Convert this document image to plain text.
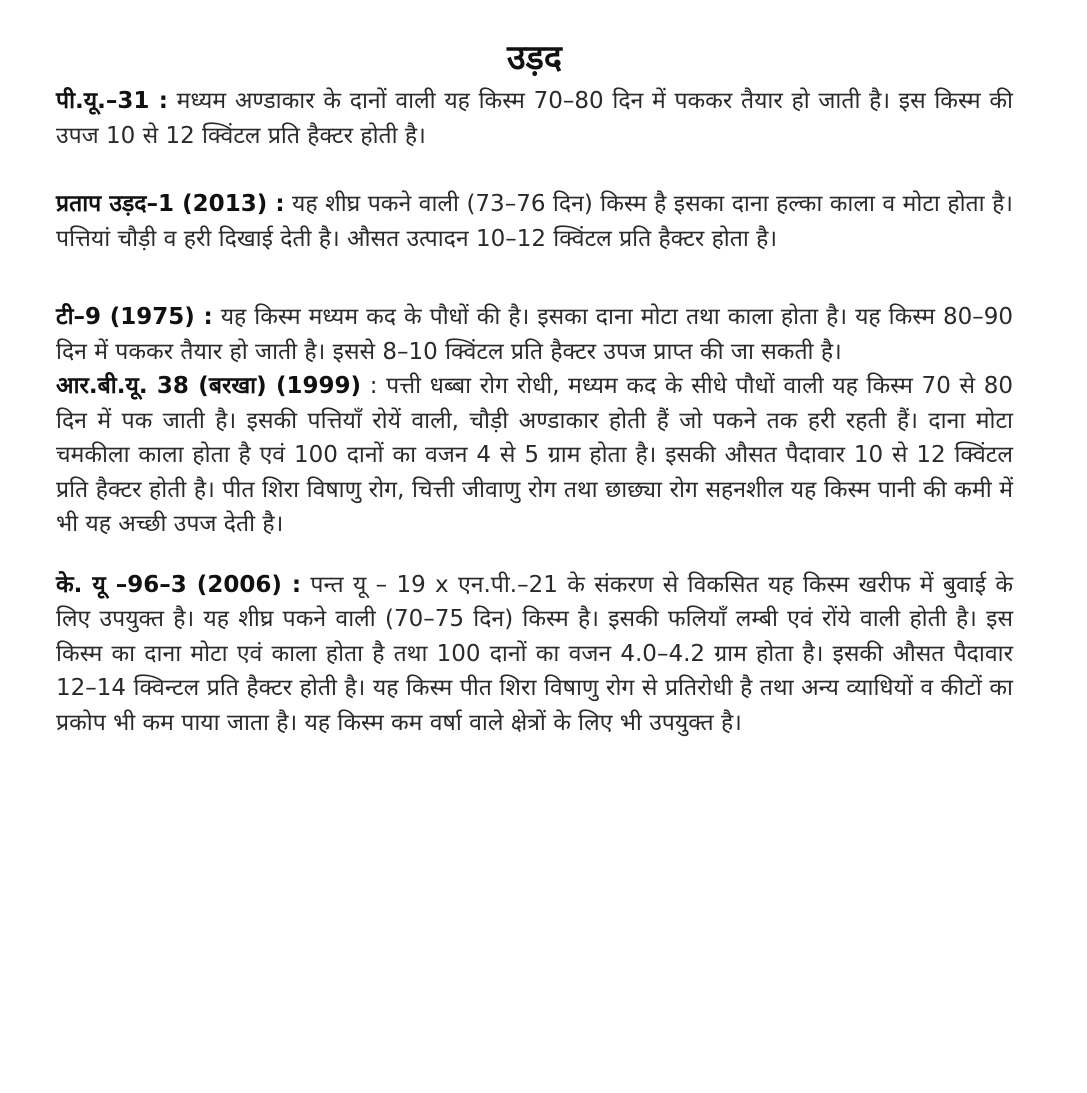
उड़द

पी.यू.–31 : मध्यम अण्डाकार के दानों वाली यह किस्म 70–80 दिन में पककर तैयार हो जाती है। इस किस्म की उपज 10 से 12 क्विंटल प्रति हैक्टर होती है।

प्रताप उड़द–1 (2013) : यह शीघ्र पकने वाली (73–76 दिन) किस्म है इसका दाना हल्का काला व मोटा होता है। पत्तियां चौड़ी व हरी दिखाई देती है। औसत उत्पादन 10–12 क्विंटल प्रति हैक्टर होता है।

टी–9 (1975) : यह किस्म मध्यम कद के पौधों की है। इसका दाना मोटा तथा काला होता है। यह किस्म 80–90 दिन में पककर तैयार हो जाती है। इससे 8–10 क्विंटल प्रति हैक्टर उपज प्राप्त की जा सकती है।

आर.बी.यू. 38 (बरखा) (1999) : पत्ती धब्बा रोग रोधी, मध्यम कद के सीधे पौधों वाली यह किस्म 70 से 80 दिन में पक जाती है। इसकी पत्तियाँ रोयें वाली, चौड़ी अण्डाकार होती हैं जो पकने तक हरी रहती हैं। दाना मोटा चमकीला काला होता है एवं 100 दानों का वजन 4 से 5 ग्राम होता है। इसकी औसत पैदावार 10 से 12 क्विंटल प्रति हैक्टर होती है। पीत शिरा विषाणु रोग, चित्ती जीवाणु रोग तथा छाछ्या रोग सहनशील यह किस्म पानी की कमी में भी यह अच्छी उपज देती है।

के. यू –96–3 (2006) : पन्त यू – 19 x एन.पी.–21 के संकरण से विकसित यह किस्म खरीफ में बुवाई के लिए उपयुक्त है। यह शीघ्र पकने वाली (70–75 दिन) किस्म है। इसकी फलियाँ लम्बी एवं रोंये वाली होती है। इस किस्म का दाना मोटा एवं काला होता है तथा 100 दानों का वजन 4.0–4.2 ग्राम होता है। इसकी औसत पैदावार 12–14 क्विन्टल प्रति हैक्टर होती है। यह किस्म पीत शिरा विषाणु रोग से प्रतिरोधी है तथा अन्य व्याधियों व कीटों का प्रकोप भी कम पाया जाता है। यह किस्म कम वर्षा वाले क्षेत्रों के लिए भी उपयुक्त है।
